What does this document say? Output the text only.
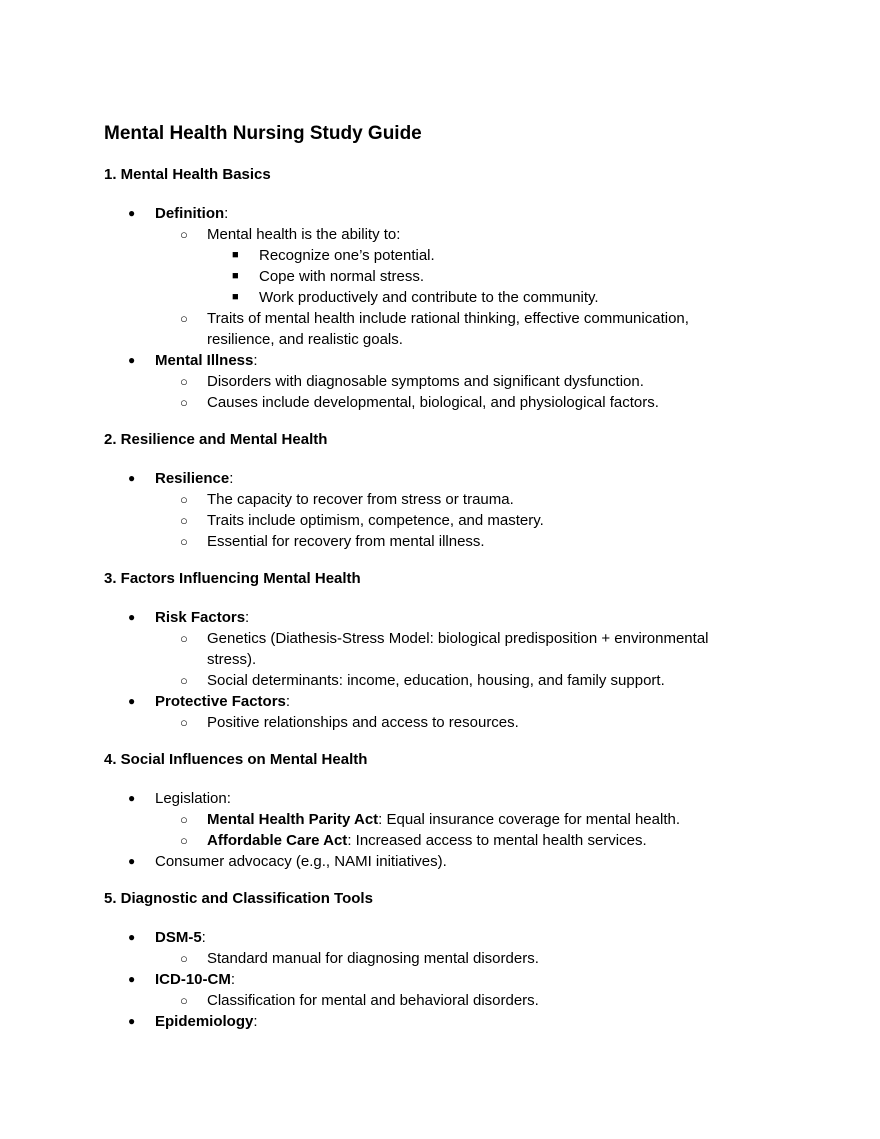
Mental Health Nursing Study Guide
1. Mental Health Basics
● Definition:
○ Mental health is the ability to:
■ Recognize one’s potential.
■ Cope with normal stress.
■ Work productively and contribute to the community.
○ Traits of mental health include rational thinking, effective communication,
resilience, and realistic goals.
● Mental Illness:
○ Disorders with diagnosable symptoms and significant dysfunction.
○ Causes include developmental, biological, and physiological factors.
2. Resilience and Mental Health
● Resilience:
○ The capacity to recover from stress or trauma.
○ Traits include optimism, competence, and mastery.
○ Essential for recovery from mental illness.
3. Factors Influencing Mental Health
● Risk Factors:
○ Genetics (Diathesis-Stress Model: biological predisposition + environmental
stress).
○ Social determinants: income, education, housing, and family support.
● Protective Factors:
○ Positive relationships and access to resources.
4. Social Influences on Mental Health
● Legislation:
○ Mental Health Parity Act: Equal insurance coverage for mental health.
○ Affordable Care Act: Increased access to mental health services.
● Consumer advocacy (e.g., NAMI initiatives).
5. Diagnostic and Classification Tools
● DSM-5:
○ Standard manual for diagnosing mental disorders.
● ICD-10-CM:
○ Classification for mental and behavioral disorders.
● Epidemiology:
